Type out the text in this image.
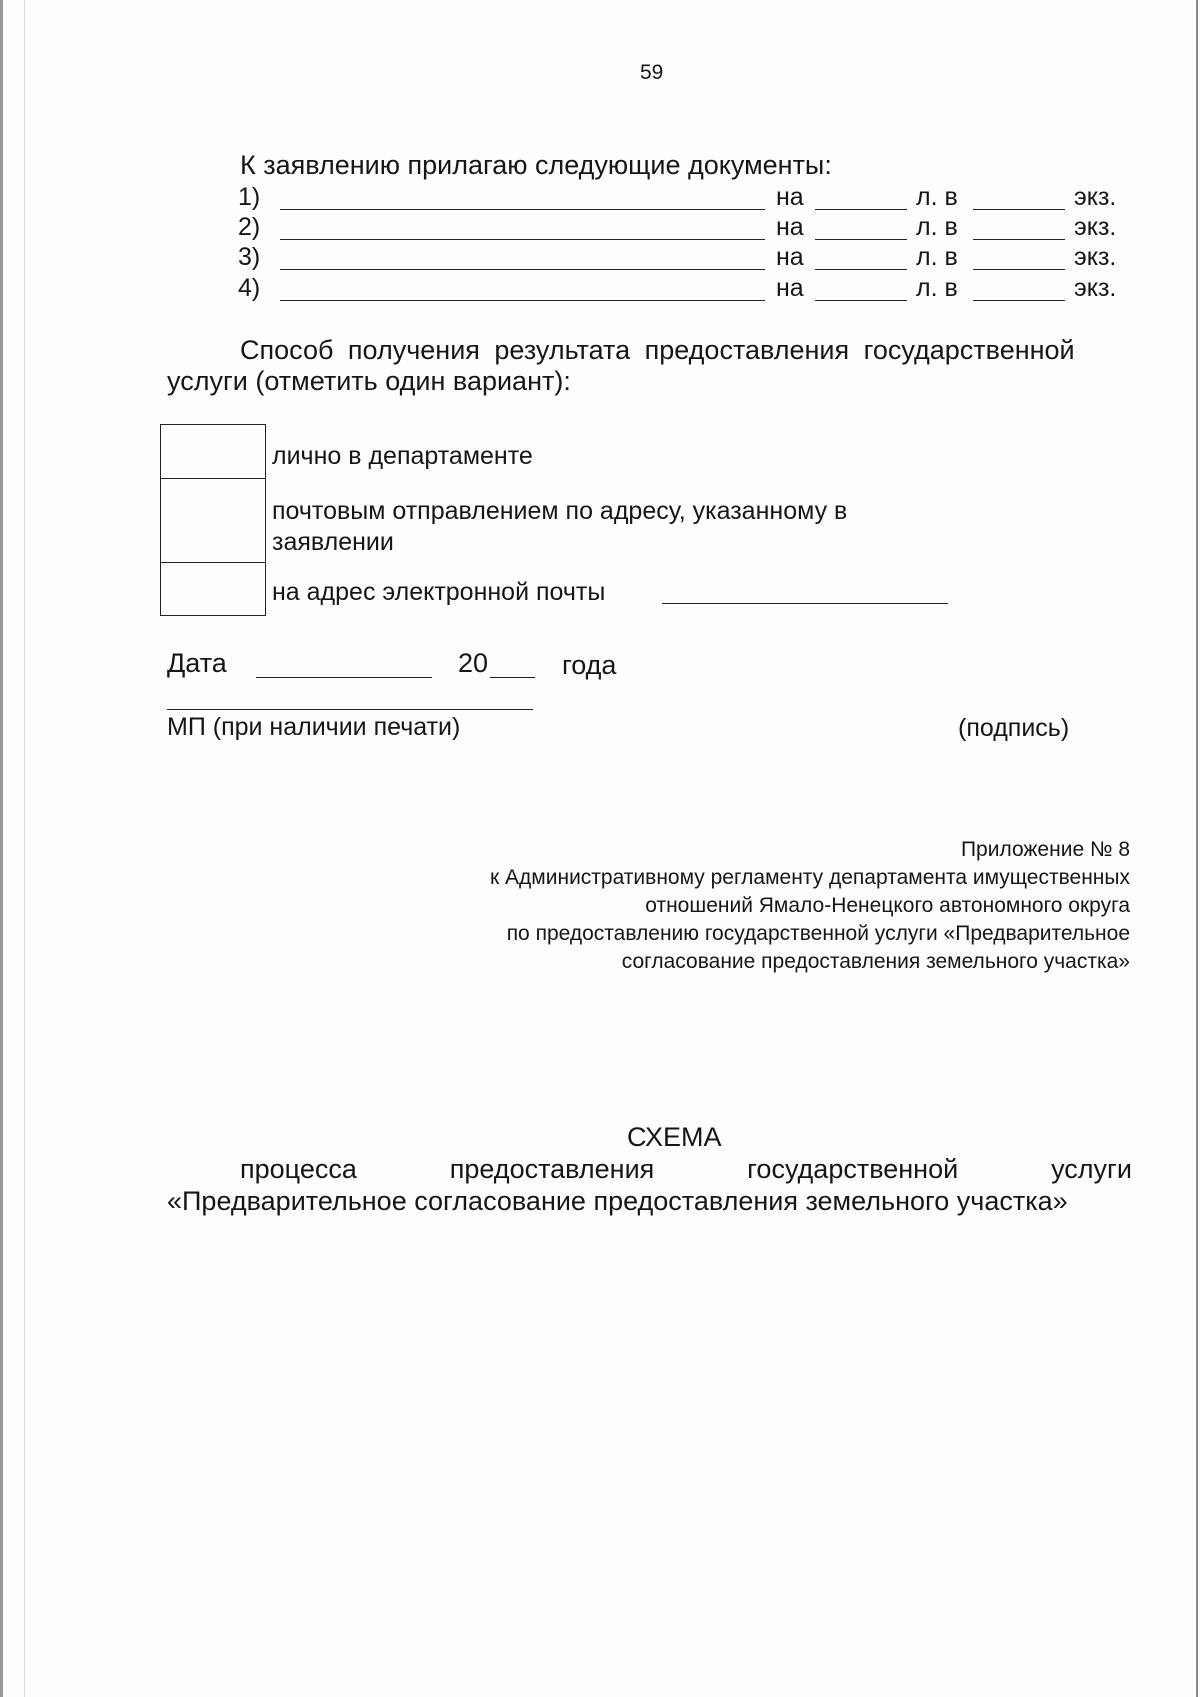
59
К заявлению прилагаю следующие документы:
1)	на	л. в	экз.
2)	на	л. в	экз.
3)	на	л. в	экз.
4)	на	л. в	экз.
Способ получения результата предоставления государственной
услуги (отметить один вариант):
лично в департаменте
почтовым отправлением по адресу, указанному в
заявлении
на адрес электронной почты
Дата	20	года
МП (при наличии печати)	(подпись)
Приложение № 8
к Административному регламенту департамента имущественных
отношений Ямало-Ненецкого автономного округа
по предоставлению государственной услуги «Предварительное
согласование предоставления земельного участка»
СХЕМА
процесса	предоставления	государственной	услуги
«Предварительное согласование предоставления земельного участка»
